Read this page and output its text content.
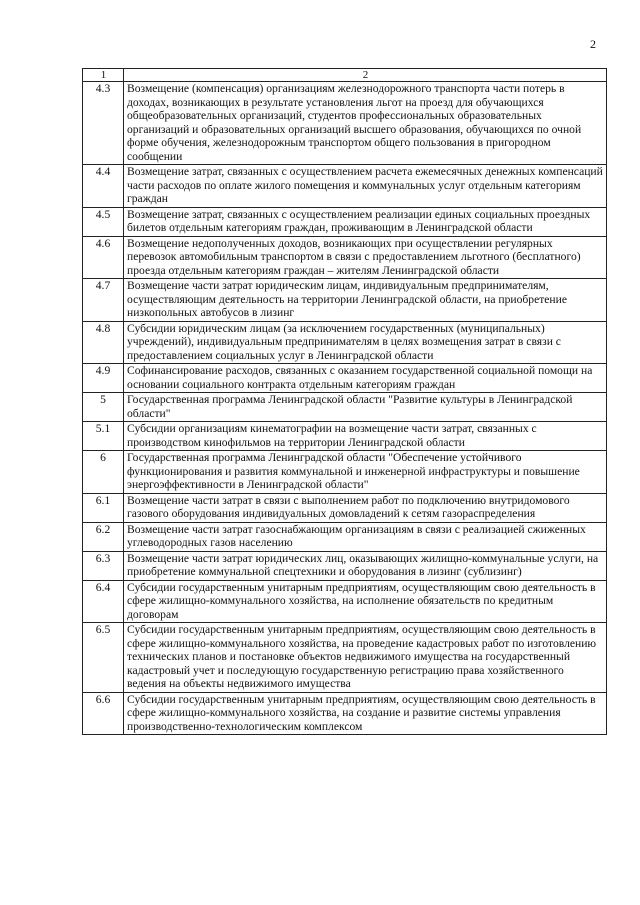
2
1	2
4.3	Возмещение (компенсация) организациям железнодорожного транспорта части потерь в доходах, возникающих в результате установления льгот на проезд для обучающихся общеобразовательных организаций, студентов профессиональных образовательных организаций и образовательных организаций высшего образования, обучающихся по очной форме обучения, железнодорожным транспортом общего пользования в пригородном сообщении
4.4	Возмещение затрат, связанных с осуществлением расчета ежемесячных денежных компенсаций части расходов по оплате жилого помещения и коммунальных услуг отдельным категориям граждан
4.5	Возмещение затрат, связанных с осуществлением реализации единых социальных проездных билетов отдельным категориям граждан, проживающим в Ленинградской области
4.6	Возмещение недополученных доходов, возникающих при осуществлении регулярных перевозок автомобильным транспортом в связи с предоставлением льготного (бесплатного) проезда отдельным категориям граждан – жителям Ленинградской области
4.7	Возмещение части затрат юридическим лицам, индивидуальным предпринимателям, осуществляющим деятельность на территории Ленинградской области, на приобретение низкопольных автобусов в лизинг
4.8	Субсидии юридическим лицам (за исключением государственных (муниципальных) учреждений), индивидуальным предпринимателям в целях возмещения затрат в связи с предоставлением социальных услуг в Ленинградской области
4.9	Софинансирование расходов, связанных с оказанием государственной социальной помощи на основании социального контракта отдельным категориям граждан
5	Государственная программа Ленинградской области "Развитие культуры в Ленинградской области"
5.1	Субсидии организациям кинематографии на возмещение части затрат, связанных с производством кинофильмов на территории Ленинградской области
6	Государственная программа Ленинградской области "Обеспечение устойчивого функционирования и развития коммунальной и инженерной инфраструктуры и повышение энергоэффективности в Ленинградской области"
6.1	Возмещение части затрат в связи с выполнением работ по подключению внутридомового газового оборудования индивидуальных домовладений к сетям газораспределения
6.2	Возмещение части затрат газоснабжающим организациям в связи с реализацией сжиженных углеводородных газов населению
6.3	Возмещение части затрат юридических лиц, оказывающих жилищно-коммунальные услуги, на приобретение коммунальной спецтехники и оборудования в лизинг (сублизинг)
6.4	Субсидии государственным унитарным предприятиям, осуществляющим свою деятельность в сфере жилищно-коммунального хозяйства, на исполнение обязательств по кредитным договорам
6.5	Субсидии государственным унитарным предприятиям, осуществляющим свою деятельность в сфере жилищно-коммунального хозяйства, на проведение кадастровых работ по изготовлению технических планов и постановке объектов недвижимого имущества на государственный кадастровый учет и последующую государственную регистрацию права хозяйственного ведения на объекты недвижимого имущества
6.6	Субсидии государственным унитарным предприятиям, осуществляющим свою деятельность в сфере жилищно-коммунального хозяйства, на создание и развитие системы управления производственно-технологическим комплексом
